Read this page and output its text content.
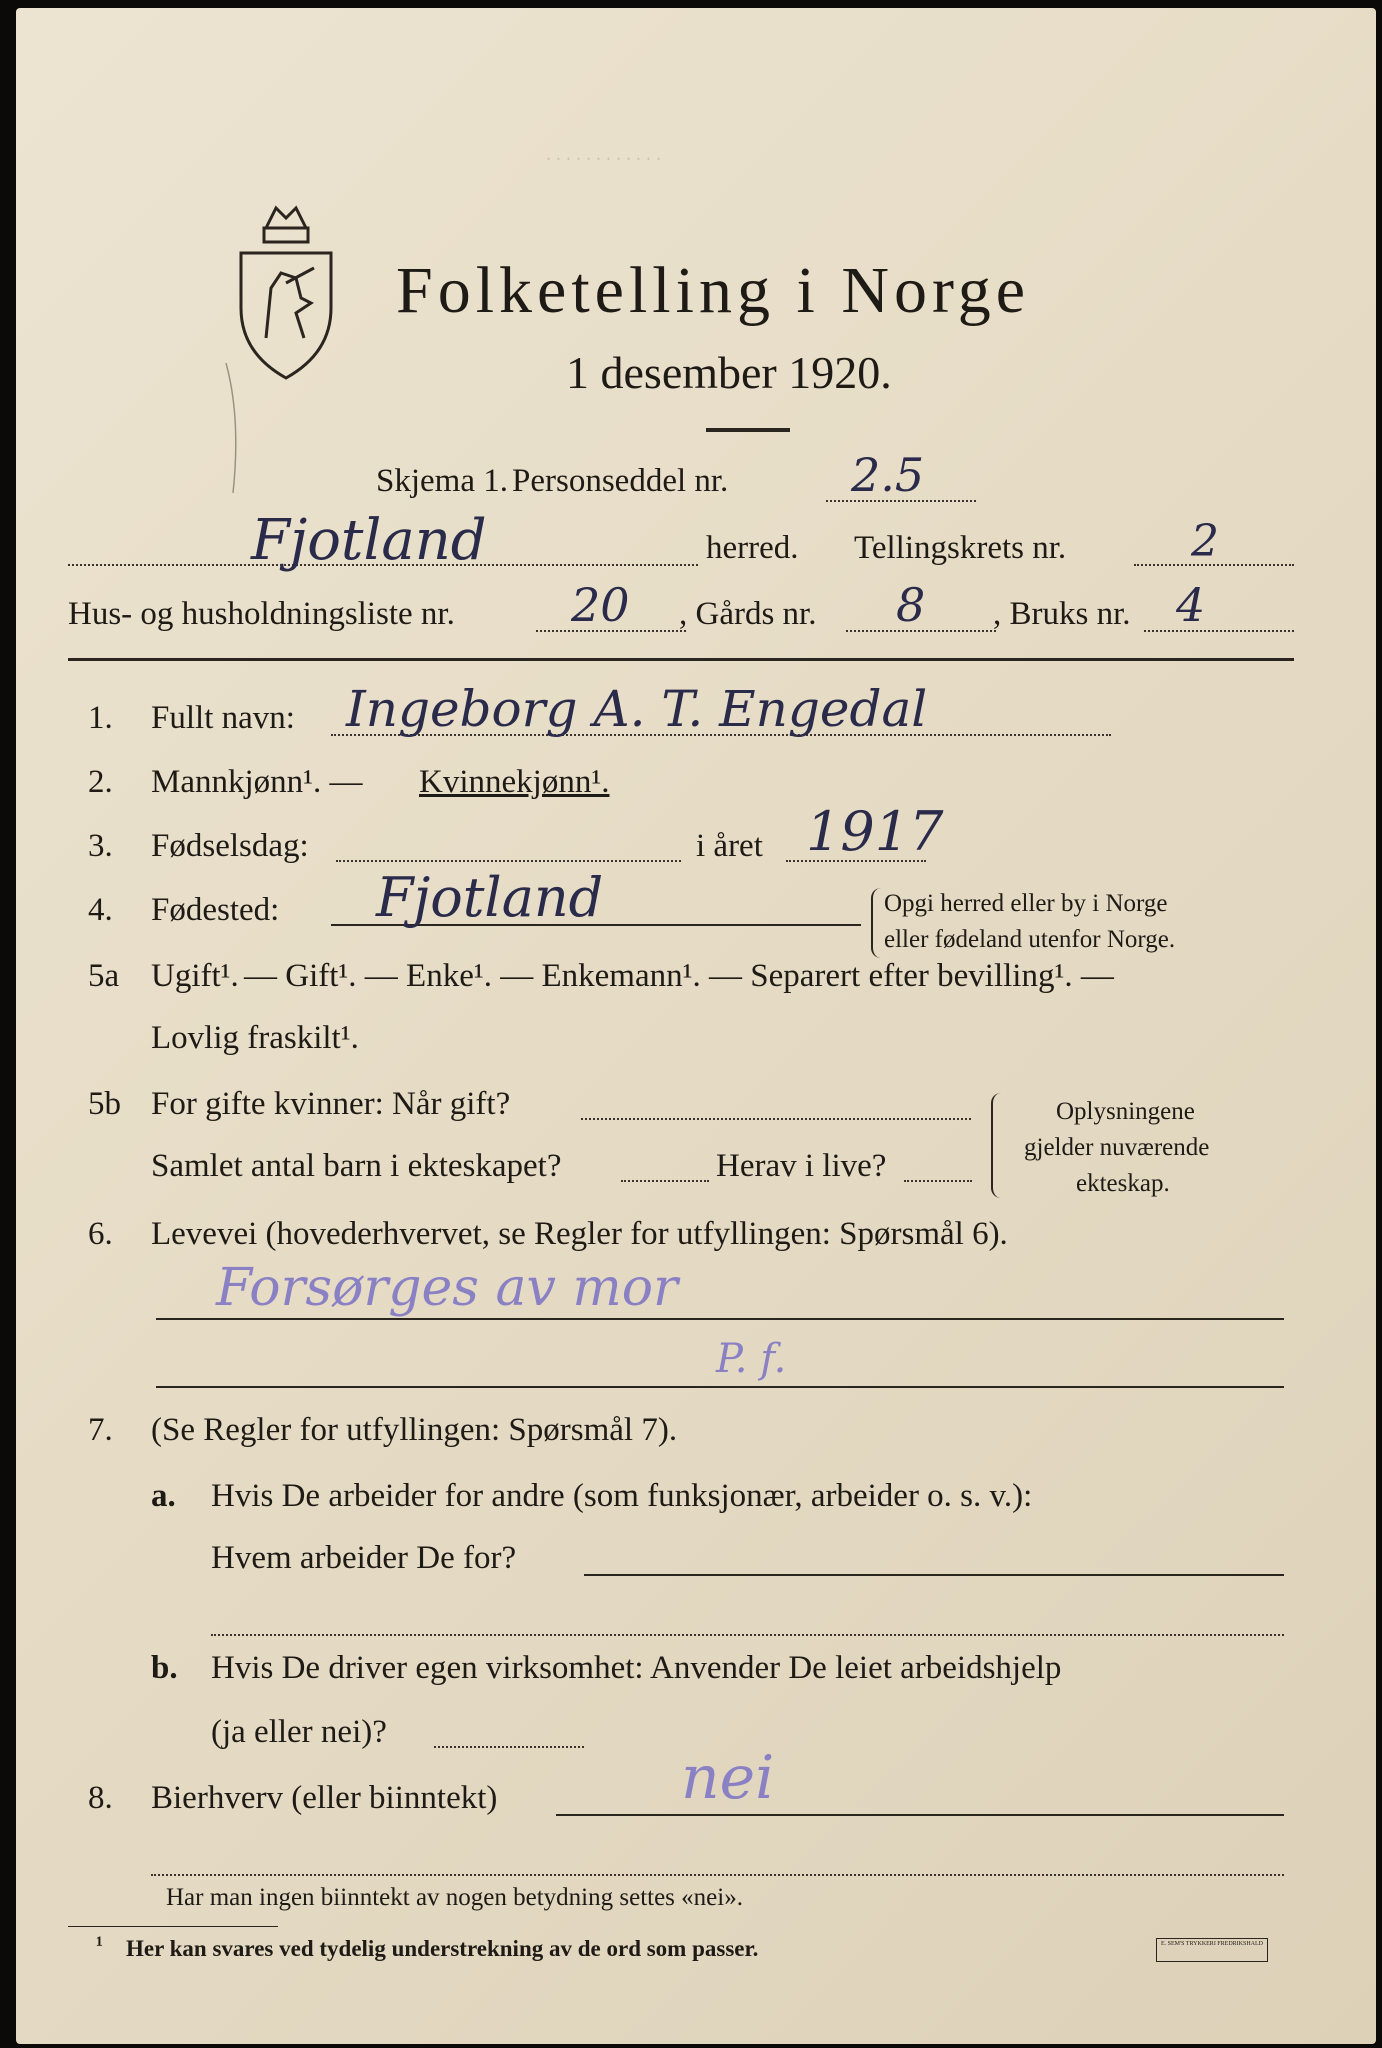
. . . . . . . . . . . .
Folketelling i Norge
1 desember 1920.
Skjema 1. Personseddel nr.	2.5
Fjotland	herred. Tellingskrets nr.	2
Hus- og husholdningsliste nr.	20 , Gårds nr. 8 , Bruks nr. 4
1. Fullt navn: Ingeborg A. T. Engedal
2. Mannkjønn¹. — Kvinnekjønn¹.
3. Fødselsdag:	i året 1917
4. Fødested: Fjotland	Opgi herred eller by i Norge
eller fødeland utenfor Norge.
5a Ugift¹. — Gift¹. — Enke¹. — Enkemann¹. — Separert efter bevilling¹. —
Lovlig fraskilt¹.
5b For gifte kvinner: Når gift?
Samlet antal barn i ekteskapet?	Herav i live?
Oplysningene
gjelder nuværende
ekteskap.
6. Levevei (hovederhvervet, se Regler for utfyllingen: Spørsmål 6).
Forsørges av mor
P. f.
7. (Se Regler for utfyllingen: Spørsmål 7).
a. Hvis De arbeider for andre (som funksjonær, arbeider o. s. v.):
Hvem arbeider De for?
b. Hvis De driver egen virksomhet: Anvender De leiet arbeidshjelp
(ja eller nei)?
8. Bierhverv (eller biinntekt)	nei
Har man ingen biinntekt av nogen betydning settes «nei».
¹ Her kan svares ved tydelig understrekning av de ord som passer.	E. SEM'S TRYKKERI FREDRIKSHALD
